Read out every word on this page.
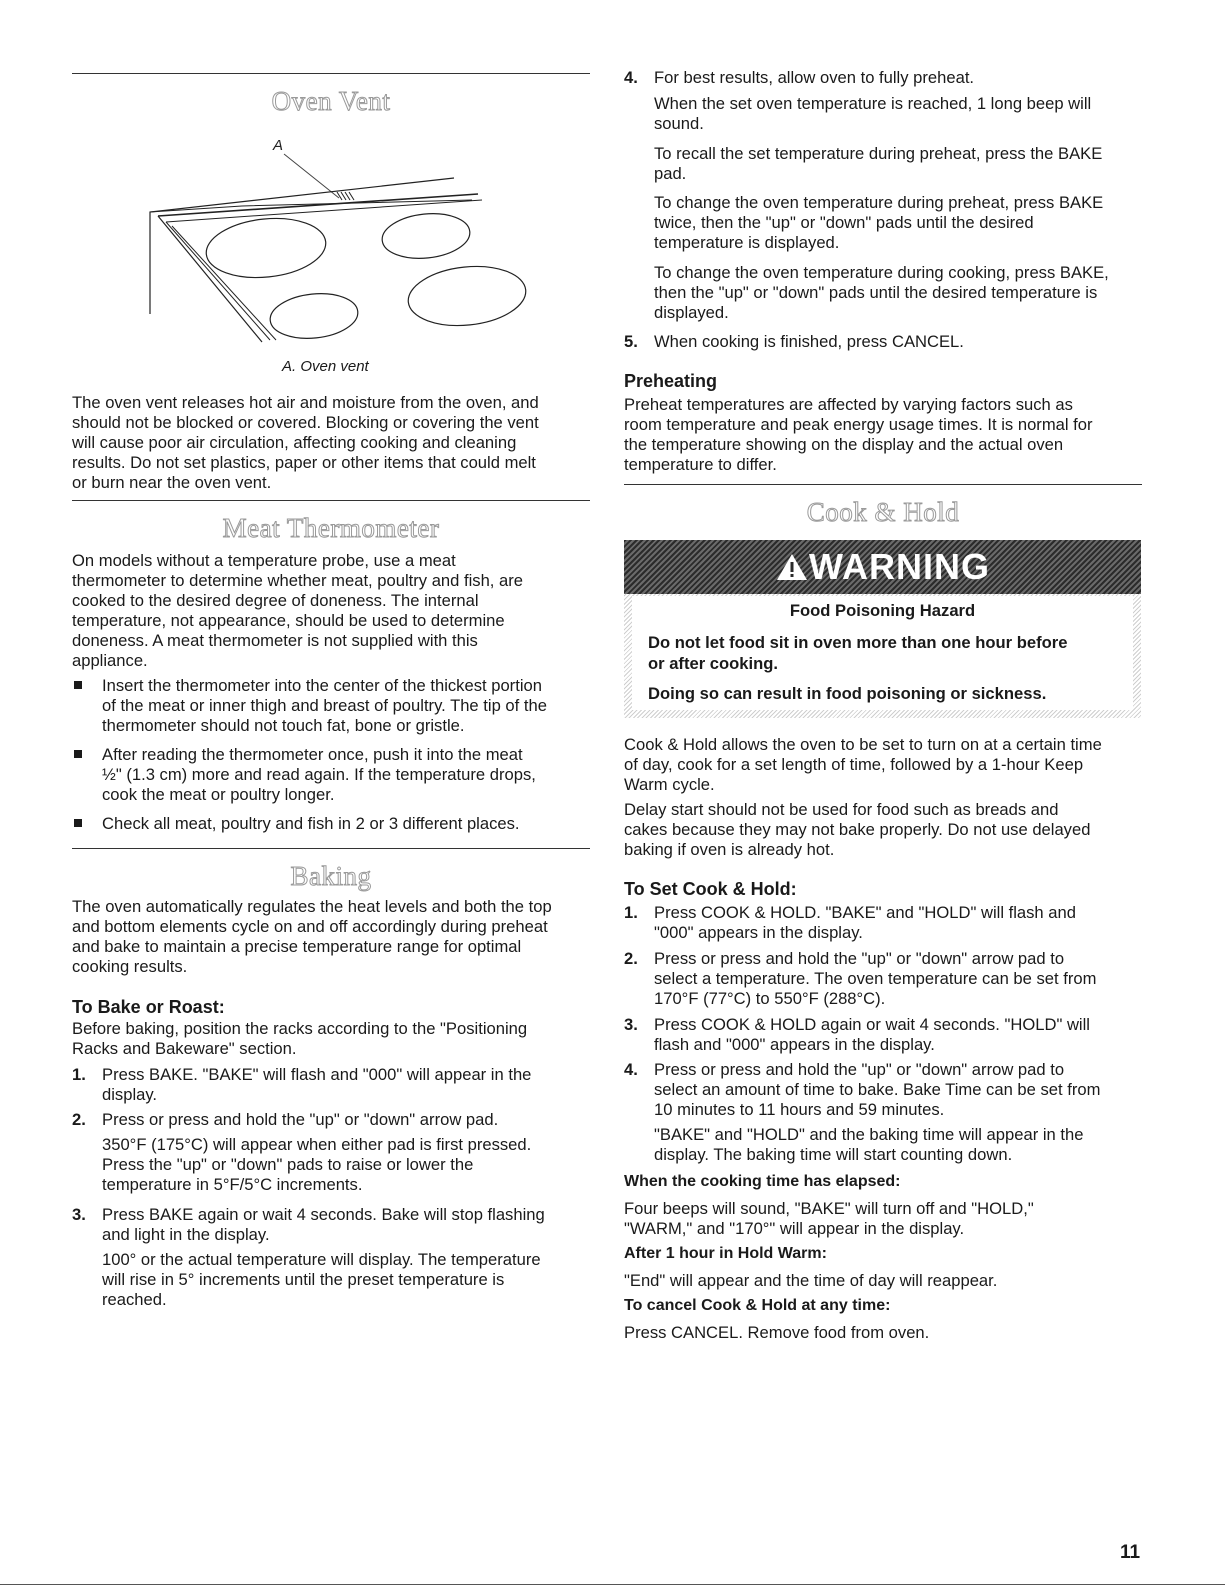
Oven Vent
A
A. Oven vent
The oven vent releases hot air and moisture from the oven, and
should not be blocked or covered. Blocking or covering the vent
will cause poor air circulation, affecting cooking and cleaning
results. Do not set plastics, paper or other items that could melt
or burn near the oven vent.
Meat Thermometer
On models without a temperature probe, use a meat
thermometer to determine whether meat, poultry and fish, are
cooked to the desired degree of doneness. The internal
temperature, not appearance, should be used to determine
doneness. A meat thermometer is not supplied with this
appliance.
Insert the thermometer into the center of the thickest portion
of the meat or inner thigh and breast of poultry. The tip of the
thermometer should not touch fat, bone or gristle.
After reading the thermometer once, push it into the meat
½" (1.3 cm) more and read again. If the temperature drops,
cook the meat or poultry longer.
Check all meat, poultry and fish in 2 or 3 different places.
Baking
The oven automatically regulates the heat levels and both the top
and bottom elements cycle on and off accordingly during preheat
and bake to maintain a precise temperature range for optimal
cooking results.
To Bake or Roast:
Before baking, position the racks according to the "Positioning
Racks and Bakeware" section.
1. Press BAKE. "BAKE" will flash and "000" will appear in the
display.
2. Press or press and hold the "up" or "down" arrow pad.
350°F (175°C) will appear when either pad is first pressed.
Press the "up" or "down" pads to raise or lower the
temperature in 5°F/5°C increments.
3. Press BAKE again or wait 4 seconds. Bake will stop flashing
and light in the display.
100° or the actual temperature will display. The temperature
will rise in 5° increments until the preset temperature is
reached.
4. For best results, allow oven to fully preheat.
When the set oven temperature is reached, 1 long beep will
sound.
To recall the set temperature during preheat, press the BAKE
pad.
To change the oven temperature during preheat, press BAKE
twice, then the "up" or "down" pads until the desired
temperature is displayed.
To change the oven temperature during cooking, press BAKE,
then the "up" or "down" pads until the desired temperature is
displayed.
5. When cooking is finished, press CANCEL.
Preheating
Preheat temperatures are affected by varying factors such as
room temperature and peak energy usage times. It is normal for
the temperature showing on the display and the actual oven
temperature to differ.
Cook & Hold
WARNING
Food Poisoning Hazard
Do not let food sit in oven more than one hour before
or after cooking.
Doing so can result in food poisoning or sickness.
Cook & Hold allows the oven to be set to turn on at a certain time
of day, cook for a set length of time, followed by a 1-hour Keep
Warm cycle.
Delay start should not be used for food such as breads and
cakes because they may not bake properly. Do not use delayed
baking if oven is already hot.
To Set Cook & Hold:
1. Press COOK & HOLD. "BAKE" and "HOLD" will flash and
"000" appears in the display.
2. Press or press and hold the "up" or "down" arrow pad to
select a temperature. The oven temperature can be set from
170°F (77°C) to 550°F (288°C).
3. Press COOK & HOLD again or wait 4 seconds. "HOLD" will
flash and "000" appears in the display.
4. Press or press and hold the "up" or "down" arrow pad to
select an amount of time to bake. Bake Time can be set from
10 minutes to 11 hours and 59 minutes.
"BAKE" and "HOLD" and the baking time will appear in the
display. The baking time will start counting down.
When the cooking time has elapsed:
Four beeps will sound, "BAKE" will turn off and "HOLD,"
"WARM," and "170°" will appear in the display.
After 1 hour in Hold Warm:
"End" will appear and the time of day will reappear.
To cancel Cook & Hold at any time:
Press CANCEL. Remove food from oven.
11
